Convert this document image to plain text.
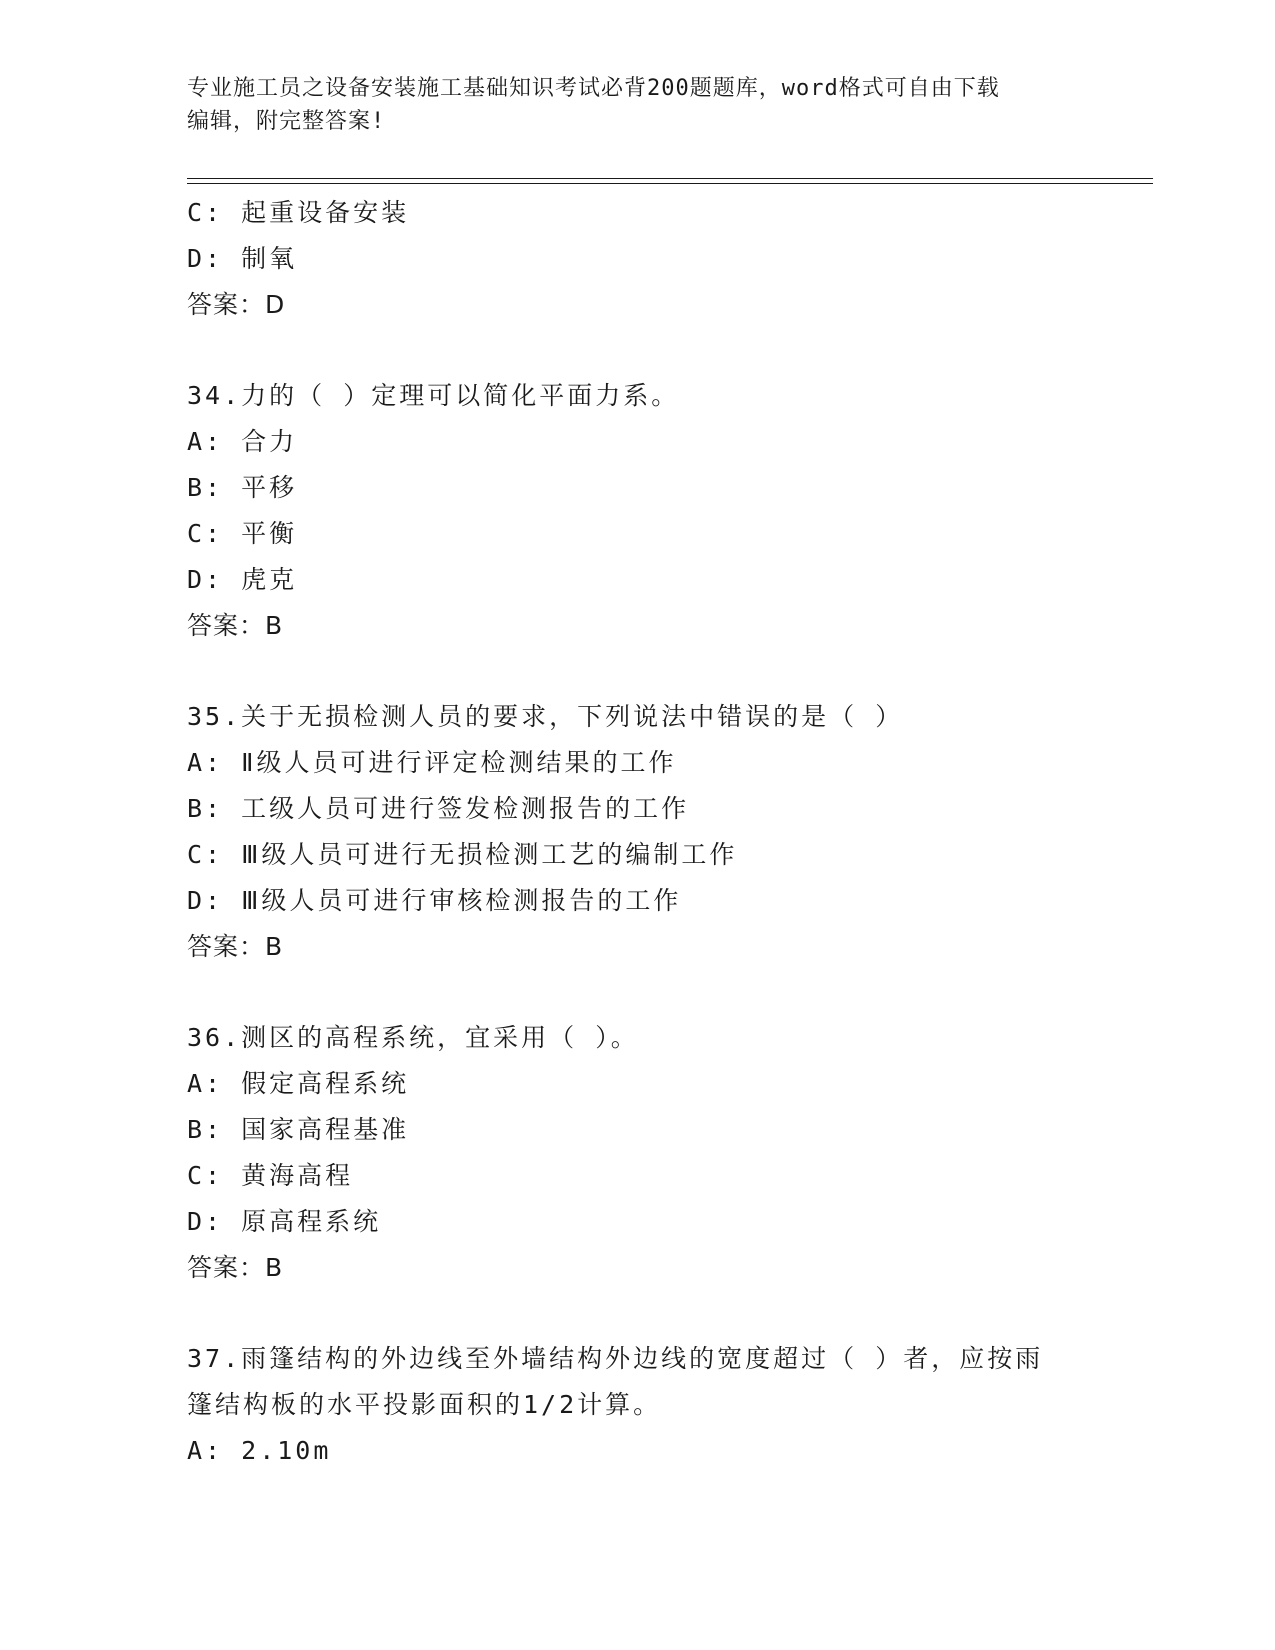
专业施工员之设备安装施工基础知识考试必背200题题库，word格式可自由下载
编辑，附完整答案!
C: 起重设备安装
D: 制氧
答案：D
34.力的（ ）定理可以简化平面力系。
A: 合力
B: 平移
C: 平衡
D: 虎克
答案：B
35.关于无损检测人员的要求，下列说法中错误的是（ ）
A: Ⅱ级人员可进行评定检测结果的工作
B: 工级人员可进行签发检测报告的工作
C: Ⅲ级人员可进行无损检测工艺的编制工作
D: Ⅲ级人员可进行审核检测报告的工作
答案：B
36.测区的高程系统，宜采用（ ）。
A: 假定高程系统
B: 国家高程基准
C: 黄海高程
D: 原高程系统
答案：B
37.雨篷结构的外边线至外墙结构外边线的宽度超过（ ）者，应按雨
篷结构板的水平投影面积的1/2计算。
A: 2.10m
